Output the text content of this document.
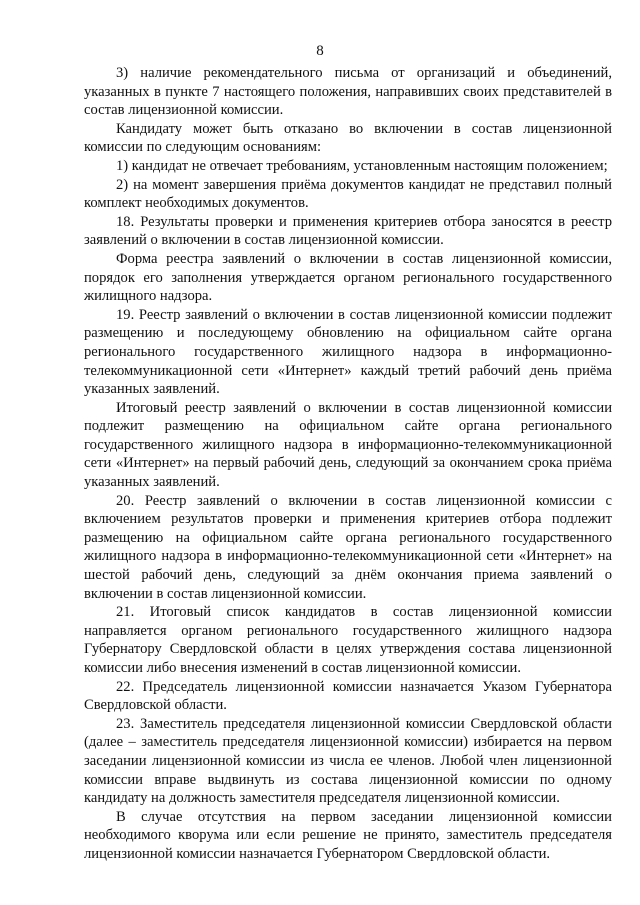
8

3) наличие рекомендательного письма от организаций и объединений, указанных в пункте 7 настоящего положения, направивших своих представителей в состав лицензионной комиссии.

Кандидату может быть отказано во включении в состав лицензионной комиссии по следующим основаниям:

1) кандидат не отвечает требованиям, установленным настоящим положением;

2) на момент завершения приёма документов кандидат не представил полный комплект необходимых документов.

18. Результаты проверки и применения критериев отбора заносятся в реестр заявлений о включении в состав лицензионной комиссии.

Форма реестра заявлений о включении в состав лицензионной комиссии, порядок его заполнения утверждается органом регионального государственного жилищного надзора.

19. Реестр заявлений о включении в состав лицензионной комиссии подлежит размещению и последующему обновлению на официальном сайте органа регионального государственного жилищного надзора в информационно-телекоммуникационной сети «Интернет» каждый третий рабочий день приёма указанных заявлений.

Итоговый реестр заявлений о включении в состав лицензионной комиссии подлежит размещению на официальном сайте органа регионального государственного жилищного надзора в информационно-телекоммуникационной сети «Интернет» на первый рабочий день, следующий за окончанием срока приёма указанных заявлений.

20. Реестр заявлений о включении в состав лицензионной комиссии с включением результатов проверки и применения критериев отбора подлежит размещению на официальном сайте органа регионального государственного жилищного надзора в информационно-телекоммуникационной сети «Интернет» на шестой рабочий день, следующий за днём окончания приема заявлений о включении в состав лицензионной комиссии.

21. Итоговый список кандидатов в состав лицензионной комиссии направляется органом регионального государственного жилищного надзора Губернатору Свердловской области в целях утверждения состава лицензионной комиссии либо внесения изменений в состав лицензионной комиссии.

22. Председатель лицензионной комиссии назначается Указом Губернатора Свердловской области.

23. Заместитель председателя лицензионной комиссии Свердловской области (далее – заместитель председателя лицензионной комиссии) избирается на первом заседании лицензионной комиссии из числа ее членов. Любой член лицензионной комиссии вправе выдвинуть из состава лицензионной комиссии по одному кандидату на должность заместителя председателя лицензионной комиссии.

В случае отсутствия на первом заседании лицензионной комиссии необходимого кворума или если решение не принято, заместитель председателя лицензионной комиссии назначается Губернатором Свердловской области.
